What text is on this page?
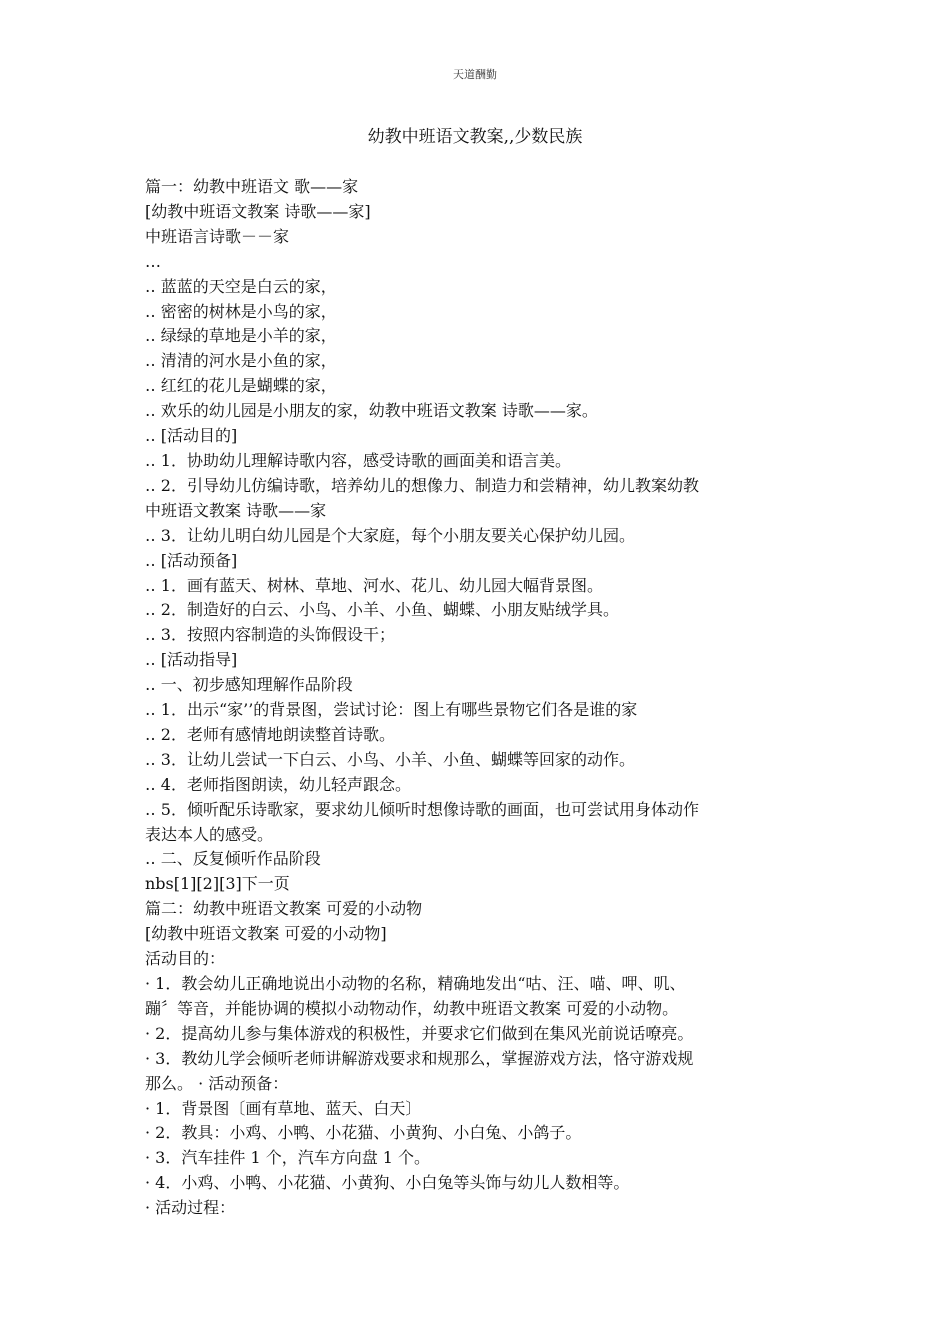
天道酬勤
幼教中班语文教案,,少数民族
篇一：幼教中班语文 歌——家
[幼教中班语文教案 诗歌——家]
中班语言诗歌－－家
…
‥ 蓝蓝的天空是白云的家，
‥ 密密的树林是小鸟的家，
‥ 绿绿的草地是小羊的家，
‥ 清清的河水是小鱼的家，
‥ 红红的花儿是蝴蝶的家，
‥ 欢乐的幼儿园是小朋友的家，幼教中班语文教案 诗歌——家。
‥ [活动目的]
‥ 1．协助幼儿理解诗歌内容，感受诗歌的画面美和语言美。
‥ 2．引导幼儿仿编诗歌，培养幼儿的想像力、制造力和尝精神，幼儿教案幼教
中班语文教案 诗歌——家
‥ 3．让幼儿明白幼儿园是个大家庭，每个小朋友要关心保护幼儿园。
‥ [活动预备]
‥ 1．画有蓝天、树林、草地、河水、花儿、幼儿园大幅背景图。
‥ 2．制造好的白云、小鸟、小羊、小鱼、蝴蝶、小朋友贴绒学具。
‥ 3．按照内容制造的头饰假设干；
‥ [活动指导]
‥ 一、初步感知理解作品阶段
‥ 1．出示“家’’的背景图，尝试讨论：图上有哪些景物它们各是谁的家
‥ 2．老师有感情地朗读整首诗歌。
‥ 3．让幼儿尝试一下白云、小鸟、小羊、小鱼、蝴蝶等回家的动作。
‥ 4．老师指图朗读，幼儿轻声跟念。
‥ 5．倾听配乐诗歌家，要求幼儿倾听时想像诗歌的画面，也可尝试用身体动作
表达本人的感受。
‥ 二、反复倾听作品阶段
nbs[1][2][3]下一页
篇二：幼教中班语文教案 可爱的小动物
[幼教中班语文教案 可爱的小动物]
活动目的：
· 1．教会幼儿正确地说出小动物的名称，精确地发出“咕、汪、喵、呷、叽、
蹦〞等音，并能协调的模拟小动物动作，幼教中班语文教案 可爱的小动物。
· 2．提高幼儿参与集体游戏的积极性，并要求它们做到在集风光前说话嘹亮。
· 3．教幼儿学会倾听老师讲解游戏要求和规那么，掌握游戏方法，恪守游戏规
那么。 · 活动预备：
· 1．背景图〔画有草地、蓝天、白天〕
· 2．教具：小鸡、小鸭、小花猫、小黄狗、小白兔、小鸽子。
· 3．汽车挂件 1 个，汽车方向盘 1 个。
· 4．小鸡、小鸭、小花猫、小黄狗、小白兔等头饰与幼儿人数相等。
· 活动过程：
